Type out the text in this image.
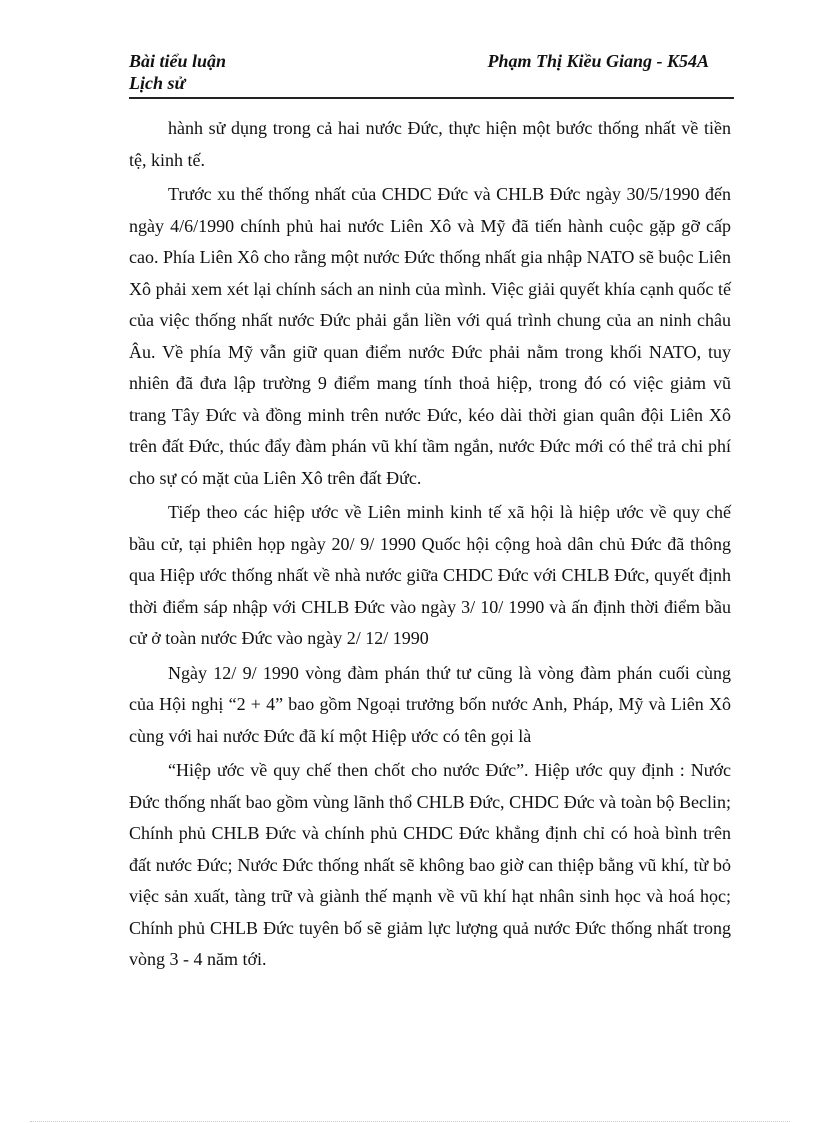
Bài tiểu luận	Phạm Thị Kiều Giang - K54A
Lịch sử

hành sử dụng trong cả hai nước Đức, thực hiện một bước thống nhất về tiền tệ, kinh tế.

Trước xu thế thống nhất của CHDC Đức và CHLB Đức ngày 30/5/1990 đến ngày 4/6/1990 chính phủ hai nước Liên Xô và Mỹ đã tiến hành cuộc gặp gỡ cấp cao. Phía Liên Xô cho rằng một nước Đức thống nhất gia nhập NATO sẽ buộc Liên Xô phải xem xét lại chính sách an ninh của mình. Việc giải quyết khía cạnh quốc tế của việc thống nhất nước Đức phải gắn liền với quá trình chung của an ninh châu Âu. Về phía Mỹ vẫn giữ quan điểm nước Đức phải nằm trong khối NATO, tuy nhiên đã đưa lập trường 9 điểm mang tính thoả hiệp, trong đó có việc giảm vũ trang Tây Đức và đồng minh trên nước Đức, kéo dài thời gian quân đội Liên Xô trên đất Đức, thúc đẩy đàm phán vũ khí tầm ngắn, nước Đức mới có thể trả chi phí cho sự có mặt của Liên Xô trên đất Đức.

Tiếp theo các hiệp ước về Liên minh kinh tế xã hội là hiệp ước về quy chế bầu cử, tại phiên họp ngày 20/ 9/ 1990 Quốc hội cộng hoà dân chủ Đức đã thông qua Hiệp ước thống nhất về nhà nước giữa CHDC Đức với CHLB Đức, quyết định thời điểm sáp nhập với CHLB Đức vào ngày 3/ 10/ 1990 và ấn định thời điểm bầu cử ở toàn nước Đức vào ngày 2/ 12/ 1990

Ngày 12/ 9/ 1990 vòng đàm phán thứ tư cũng là vòng đàm phán cuối cùng của Hội nghị “2 + 4” bao gồm Ngoại trưởng bốn nước Anh, Pháp, Mỹ và Liên Xô cùng với hai nước Đức đã kí một Hiệp ước có tên gọi là

“Hiệp ước về quy chế then chốt cho nước Đức”. Hiệp ước quy định : Nước Đức thống nhất bao gồm vùng lãnh thổ CHLB Đức, CHDC Đức và toàn bộ Beclin; Chính phủ CHLB Đức và chính phủ CHDC Đức khẳng định chỉ có hoà bình trên đất nước Đức; Nước Đức thống nhất sẽ không bao giờ can thiệp bằng vũ khí, từ bỏ việc sản xuất, tàng trữ và giành thế mạnh về vũ khí hạt nhân sinh học và hoá học; Chính phủ CHLB Đức tuyên bố sẽ giảm lực lượng quả nước Đức thống nhất trong vòng 3 - 4 năm tới.
